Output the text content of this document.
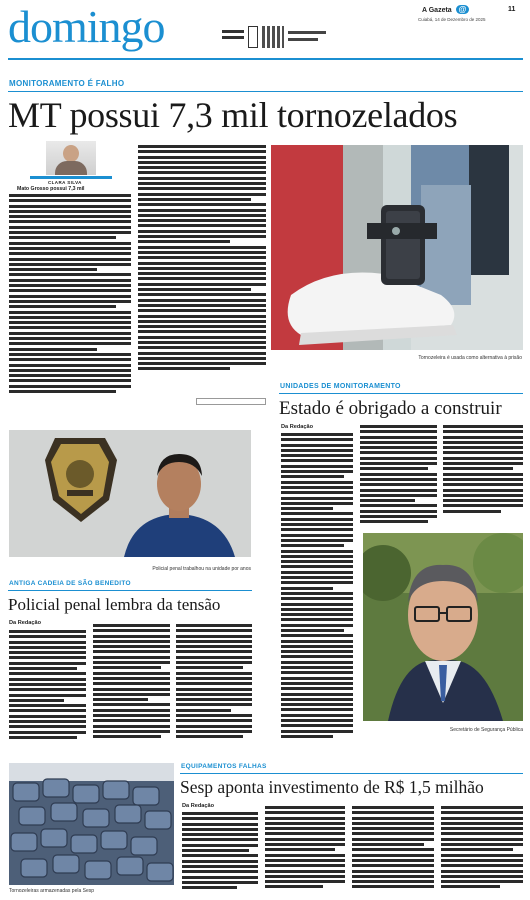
domingo	A Gazeta @	11
Cuiabá, 14 de Dezembro de 2025
MONITORAMENTO É FALHO
MT possui 7,3 mil tornozelados
CLARA SILVA
Mato Grosso possui 7,3 mil
Tornozeleira é usada como alternativa à prisão
UNIDADES DE MONITORAMENTO
Estado é obrigado a construir
Da Redação
Secretário de Segurança Pública
Policial penal trabalhou na unidade por anos
ANTIGA CADEIA DE SÃO BENEDITO
Policial penal lembra da tensão
Da Redação
EQUIPAMENTOS FALHAS
Sesp aponta investimento de R$ 1,5 milhão
Da Redação
Tornozeleiras armazenadas pela Sesp
